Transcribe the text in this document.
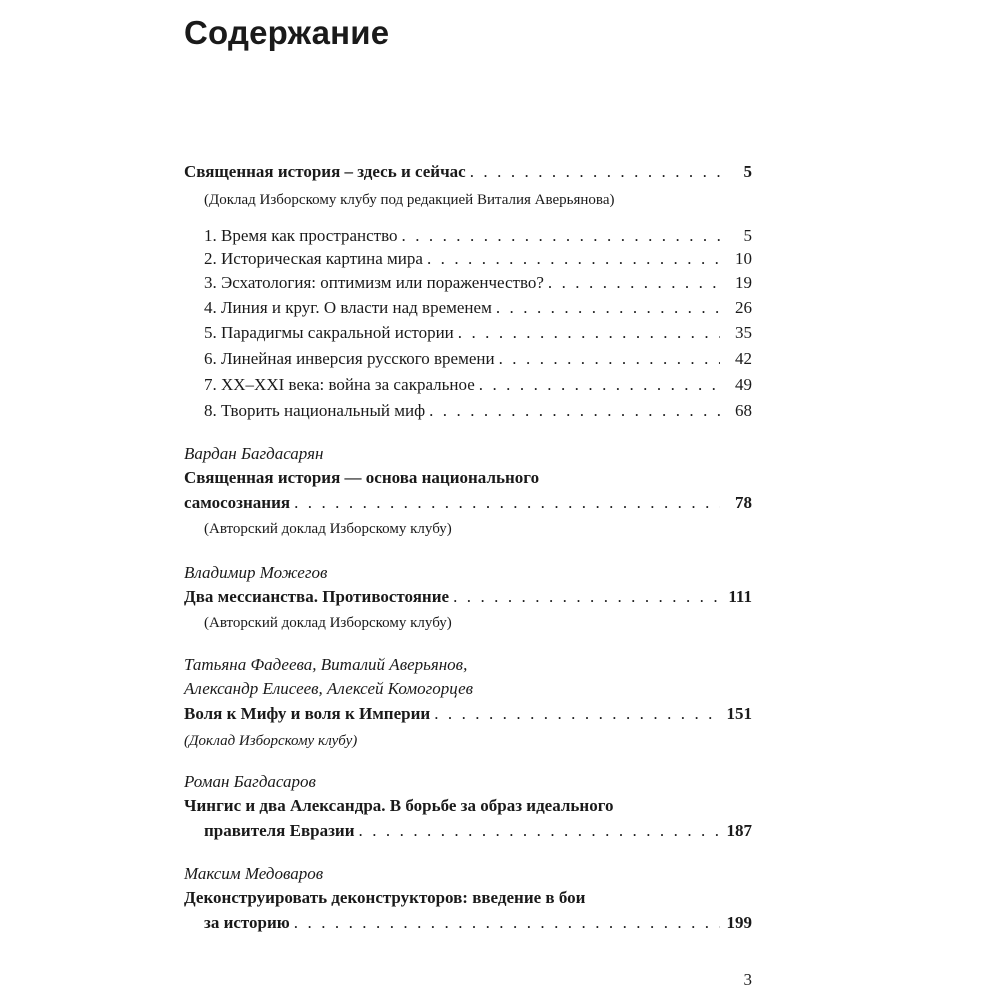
Содержание
Священная история – здесь и сейчас . . .	5
(Доклад Изборскому клубу под редакцией Виталия Аверьянова)
1. Время как пространство . . .	5
2. Историческая картина мира . . .	10
3. Эсхатология: оптимизм или пораженчество? . . .	19
4. Линия и круг. О власти над временем . . .	26
5. Парадигмы сакральной истории . . .	35
6. Линейная инверсия русского времени . . .	42
7. XX–XXI века: война за сакральное . . .	49
8. Творить национальный миф . . .	68
Вардан Багдасарян
Священная история — основа национального
самосознания . . .	78
(Авторский доклад Изборскому клубу)
Владимир Можегов
Два мессианства. Противостояние . . .	111
(Авторский доклад Изборскому клубу)
Татьяна Фадеева, Виталий Аверьянов,
Александр Елисеев, Алексей Комогорцев
Воля к Мифу и воля к Империи . . .	151
(Доклад Изборскому клубу)
Роман Багдасаров
Чингис и два Александра. В борьбе за образ идеального
правителя Евразии . . .	187
Максим Медоваров
Деконструировать деконструкторов: введение в бои
за историю . . .	199
3
